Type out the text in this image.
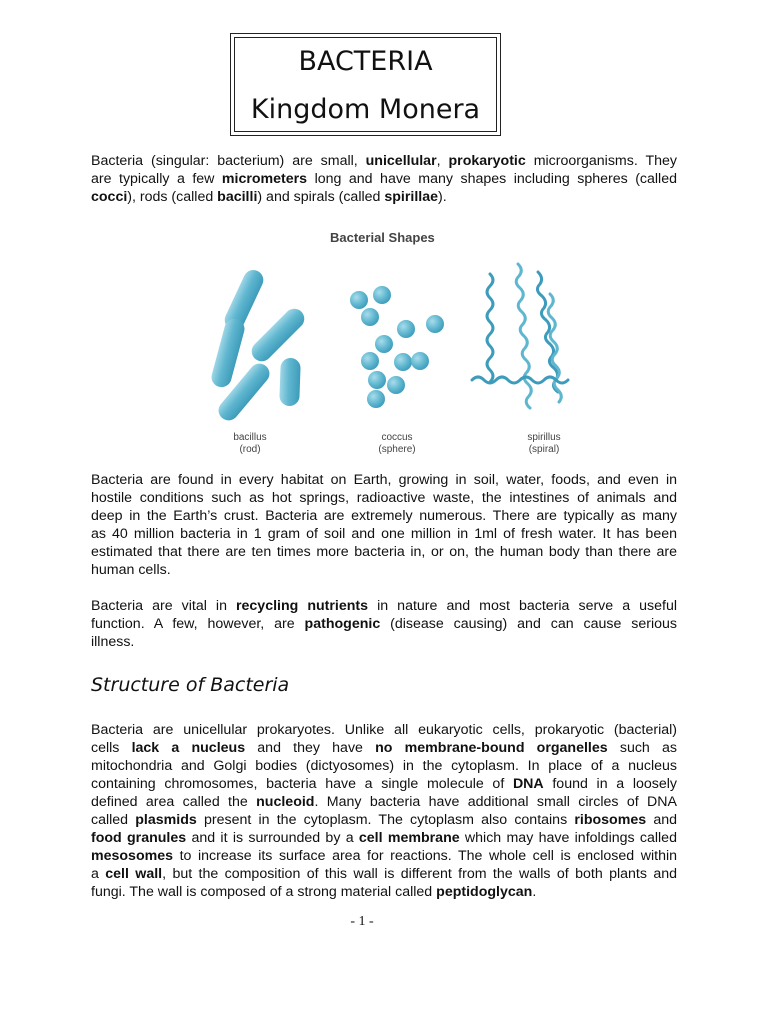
BACTERIA
Kingdom Monera

Bacteria (singular: bacterium) are small, unicellular, prokaryotic microorganisms. They
are typically a few micrometers long and have many shapes including spheres (called
cocci), rods (called bacilli) and spirals (called spirillae).

Bacterial Shapes
bacillus
(rod)
coccus
(sphere)
spirillus
(spiral)

Bacteria are found in every habitat on Earth, growing in soil, water, foods, and even in
hostile conditions such as hot springs, radioactive waste, the intestines of animals and
deep in the Earth’s crust. Bacteria are extremely numerous. There are typically as many
as 40 million bacteria in 1 gram of soil and one million in 1ml of fresh water. It has been
estimated that there are ten times more bacteria in, or on, the human body than there are
human cells.

Bacteria are vital in recycling nutrients in nature and most bacteria serve a useful
function. A few, however, are pathogenic (disease causing) and can cause serious
illness.

Structure of Bacteria

Bacteria are unicellular prokaryotes. Unlike all eukaryotic cells, prokaryotic (bacterial)
cells lack a nucleus and they have no membrane-bound organelles such as
mitochondria and Golgi bodies (dictyosomes) in the cytoplasm. In place of a nucleus
containing chromosomes, bacteria have a single molecule of DNA found in a loosely
defined area called the nucleoid. Many bacteria have additional small circles of DNA
called plasmids present in the cytoplasm. The cytoplasm also contains ribosomes and
food granules and it is surrounded by a cell membrane which may have infoldings called
mesosomes to increase its surface area for reactions. The whole cell is enclosed within
a cell wall, but the composition of this wall is different from the walls of both plants and
fungi. The wall is composed of a strong material called peptidoglycan.

- 1 -
